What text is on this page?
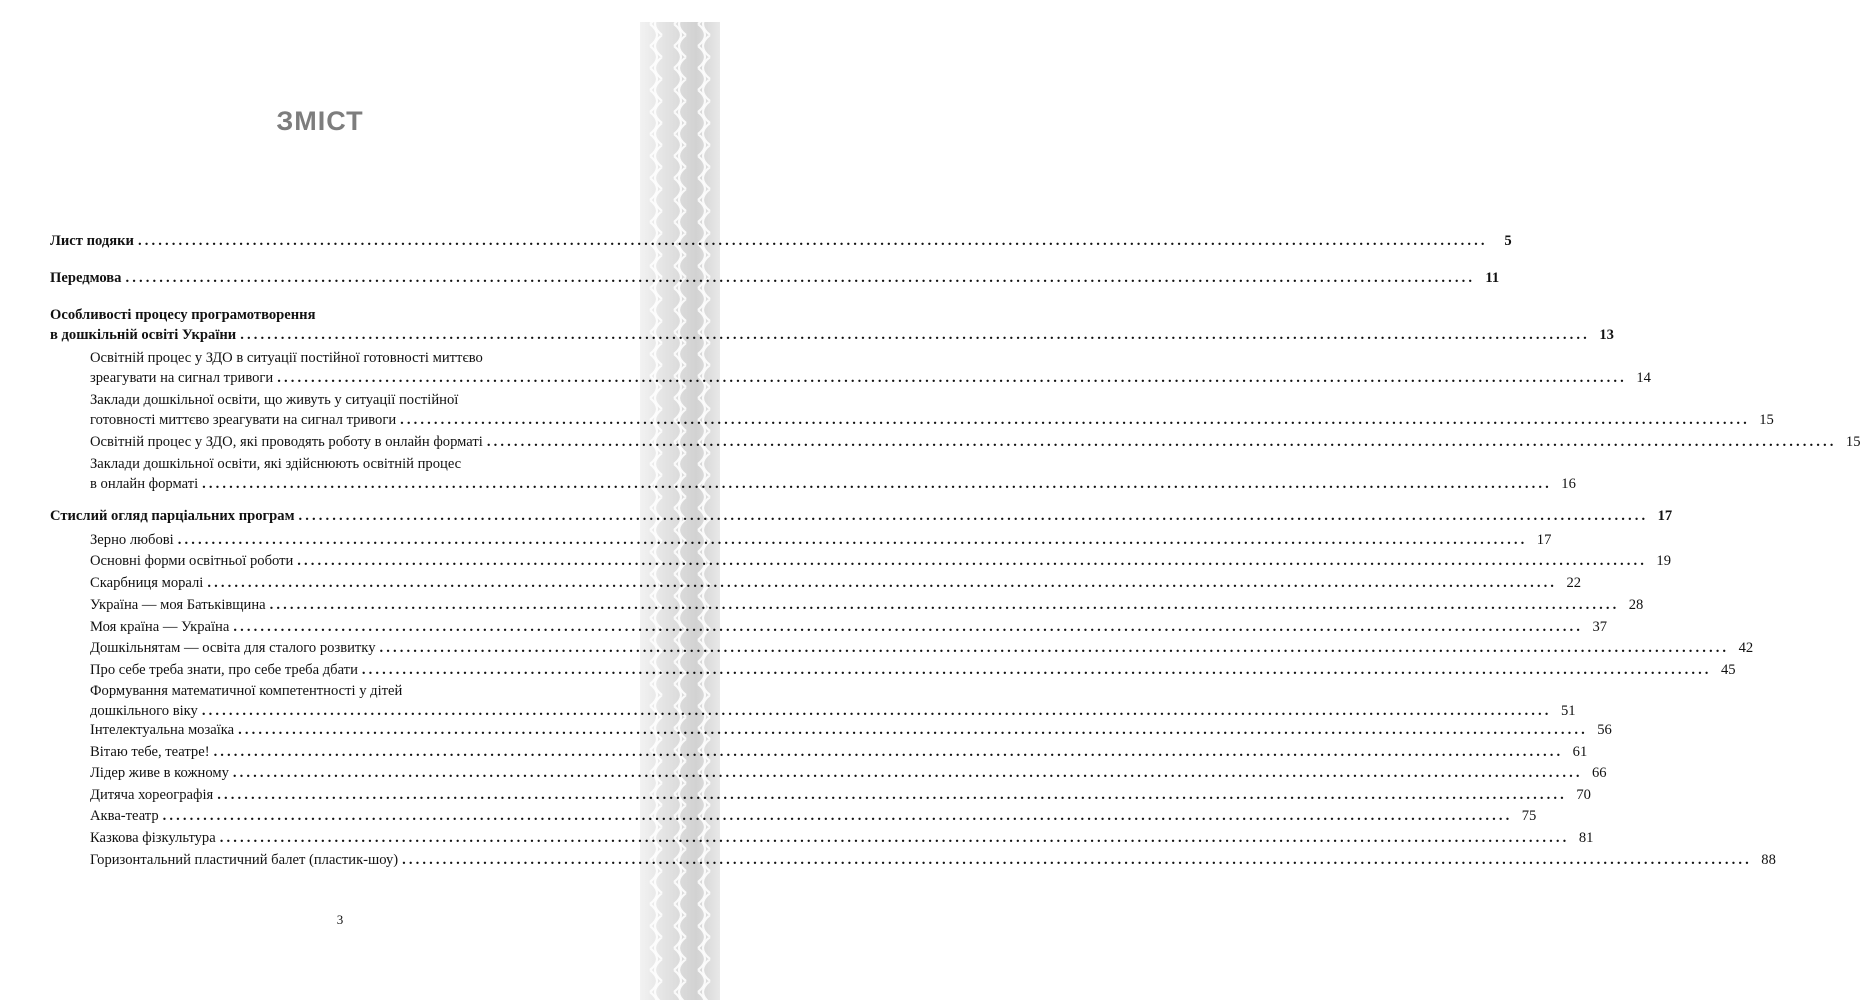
ЗМІСТ
Лист подяки ........................................................................................................................................................................................................	5
Передмова ........................................................................................................................................................................................................ 11
Особливості процесу програмотворення
в дошкільній освіті України ........................................................................................................................................................................................................ 13
Освітній процес у ЗДО в ситуації постійної готовності миттєво
зреагувати на сигнал тривоги ........................................................................................................................................................................................................ 14
Заклади дошкільної освіти, що живуть у ситуації постійної
готовності миттєво зреагувати на сигнал тривоги ........................................................................................................................................................................................................ 15
Освітній процес у ЗДО, які проводять роботу в онлайн форматі ........................................................................................................................................................................................................ 15
Заклади дошкільної освіти, які здійснюють освітній процес
в онлайн форматі ........................................................................................................................................................................................................ 16
Стислий огляд парціальних програм ........................................................................................................................................................................................................ 17
Зерно любові ........................................................................................................................................................................................................ 17
Основні форми освітньої роботи ........................................................................................................................................................................................................ 19
Скарбниця моралі ........................................................................................................................................................................................................ 22
Україна — моя Батьківщина ........................................................................................................................................................................................................ 28
Моя країна — Україна ........................................................................................................................................................................................................ 37
Дошкільнятам — освіта для сталого розвитку ........................................................................................................................................................................................................ 42
Про себе треба знати, про себе треба дбати ........................................................................................................................................................................................................ 45
Формування математичної компетентності у дітей
дошкільного віку ........................................................................................................................................................................................................ 51
Інтелектуальна мозаїка ........................................................................................................................................................................................................ 56
Вітаю тебе, театре! ........................................................................................................................................................................................................ 61
Лідер живе в кожному ........................................................................................................................................................................................................ 66
Дитяча хореографія ........................................................................................................................................................................................................ 70
Аква-театр ........................................................................................................................................................................................................ 75
Казкова фізкультура ........................................................................................................................................................................................................ 81
Горизонтальний пластичний балет (пластик-шоу) ........................................................................................................................................................................................................ 88
3
